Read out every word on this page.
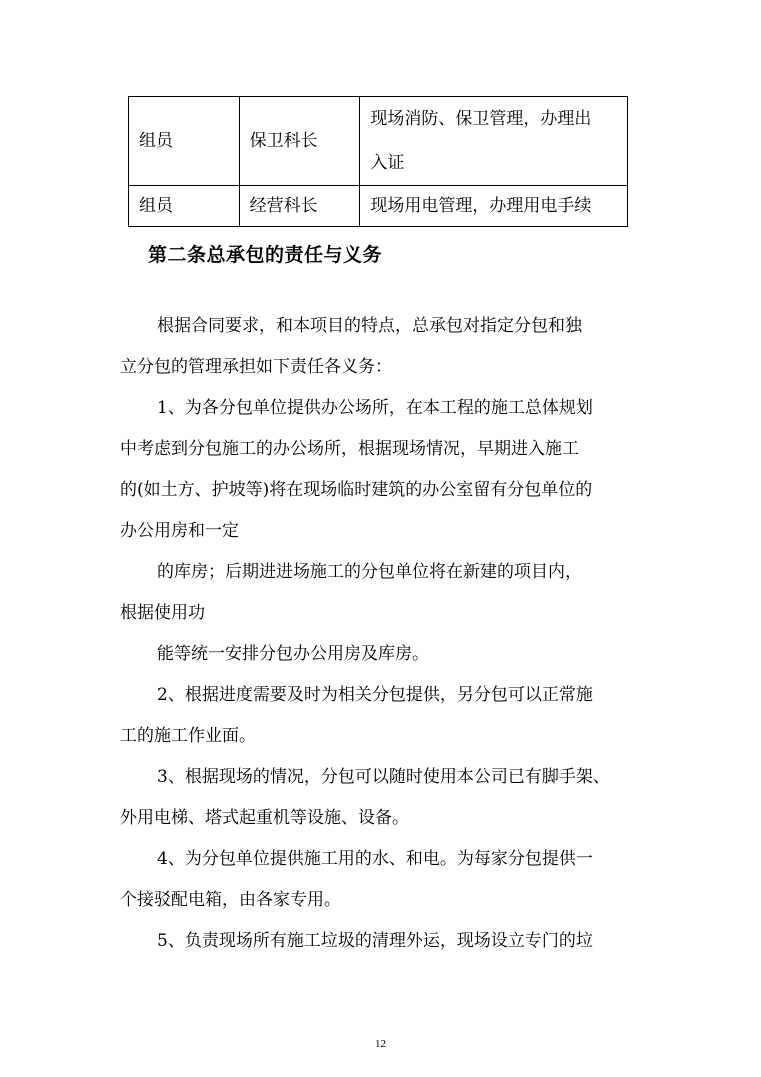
组员	保卫科长	现场消防、保卫管理，办理出
入证

组员	经营科长	现场用电管理，办理用电手续
第二条总承包的责任与义务
根据合同要求，和本项目的特点，总承包对指定分包和独
立分包的管理承担如下责任各义务：
1、为各分包单位提供办公场所，在本工程的施工总体规划
中考虑到分包施工的办公场所，根据现场情况，早期进入施工
的(如土方、护坡等)将在现场临时建筑的办公室留有分包单位的
办公用房和一定
的库房；后期进进场施工的分包单位将在新建的项目内，
根据使用功
能等统一安排分包办公用房及库房。
2、根据进度需要及时为相关分包提供，另分包可以正常施
工的施工作业面。
3、根据现场的情况，分包可以随时使用本公司已有脚手架、
外用电梯、塔式起重机等设施、设备。
4、为分包单位提供施工用的水、和电。为每家分包提供一
个接驳配电箱，由各家专用。
5、负责现场所有施工垃圾的清理外运，现场设立专门的垃
12
